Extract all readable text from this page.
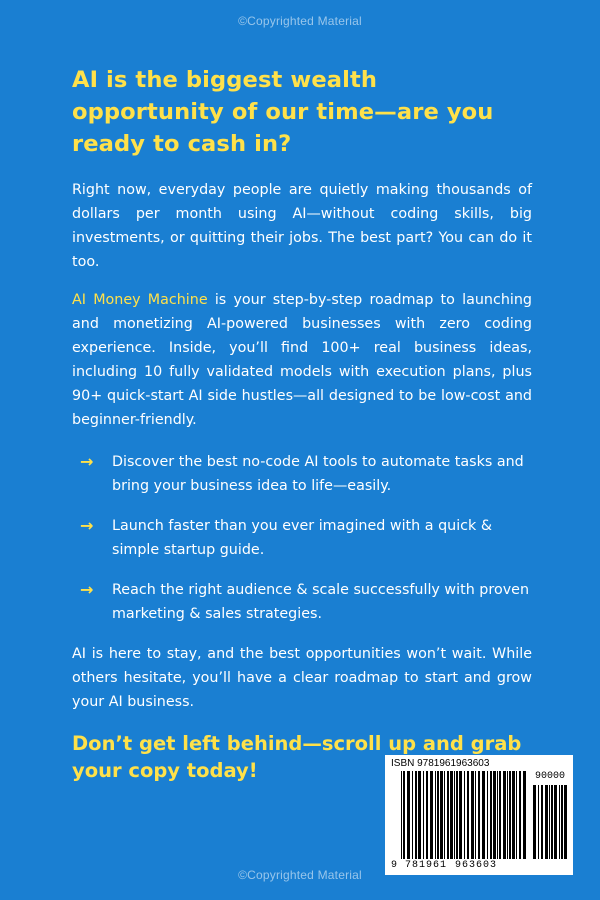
©Copyrighted Material
AI is the biggest wealth opportunity of our time—are you ready to cash in?

Right now, everyday people are quietly making thousands of dollars per month using AI—without coding skills, big investments, or quitting their jobs. The best part? You can do it too.

AI Money Machine is your step-by-step roadmap to launching and monetizing AI-powered businesses with zero coding experience. Inside, you’ll find 100+ real business ideas, including 10 fully validated models with execution plans, plus 90+ quick-start AI side hustles—all designed to be low-cost and beginner-friendly.

→	Discover the best no-code AI tools to automate tasks and bring your business idea to life—easily.
→	Launch faster than you ever imagined with a quick & simple startup guide.
→	Reach the right audience & scale successfully with proven marketing & sales strategies.

AI is here to stay, and the best opportunities won’t wait. While others hesitate, you’ll have a clear roadmap to start and grow your AI business.

Don’t get left behind—scroll up and grab your copy today!	ISBN 9781961963603
90000
9 781961 963603
©Copyrighted Material
